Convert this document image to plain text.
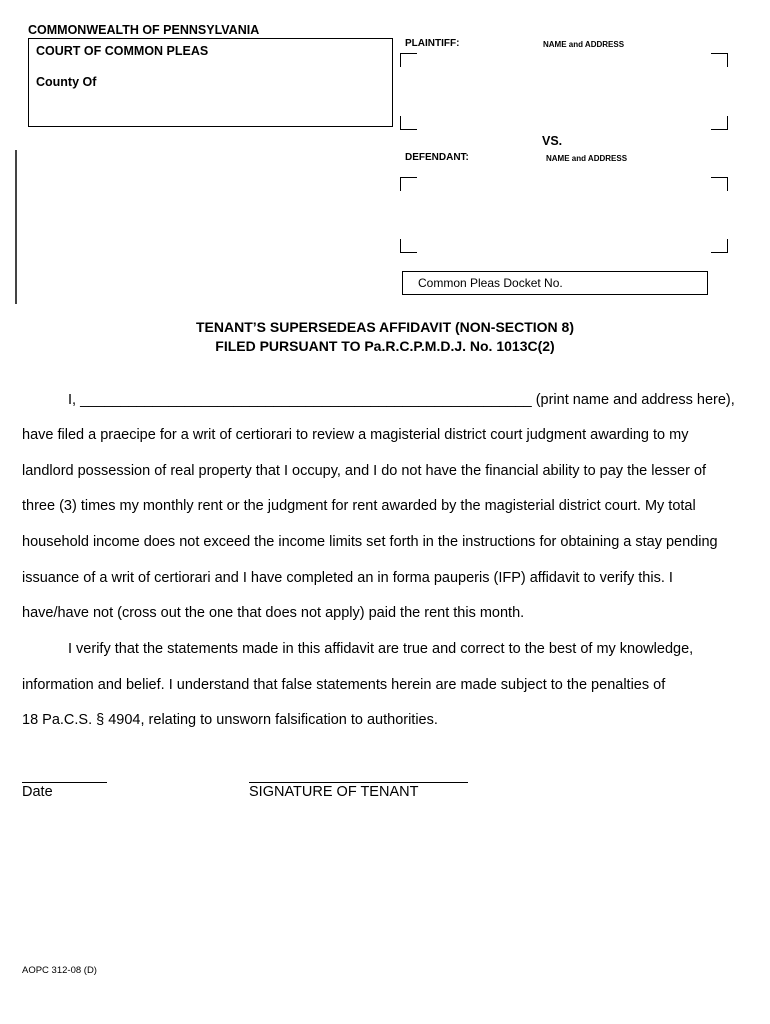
COMMONWEALTH OF PENNSYLVANIA
COURT OF COMMON PLEAS
County Of
PLAINTIFF:	NAME and ADDRESS
VS.
DEFENDANT:	NAME and ADDRESS
Common Pleas Docket No.
TENANT’S SUPERSEDEAS AFFIDAVIT (NON-SECTION 8)
FILED PURSUANT TO Pa.R.C.P.M.D.J. No. 1013C(2)
I, ________________________________________________________ (print name and address here),
have filed a praecipe for a writ of certiorari to review a magisterial district court judgment awarding to my
landlord possession of real property that I occupy, and I do not have the financial ability to pay the lesser of
three (3) times my monthly rent or the judgment for rent awarded by the magisterial district court. My total
household income does not exceed the income limits set forth in the instructions for obtaining a stay pending
issuance of a writ of certiorari and I have completed an in forma pauperis (IFP) affidavit to verify this. I
have/have not (cross out the one that does not apply) paid the rent this month.
I verify that the statements made in this affidavit are true and correct to the best of my knowledge,
information and belief. I understand that false statements herein are made subject to the penalties of
18 Pa.C.S. § 4904, relating to unsworn falsification to authorities.
Date	SIGNATURE OF TENANT
AOPC 312-08 (D)
